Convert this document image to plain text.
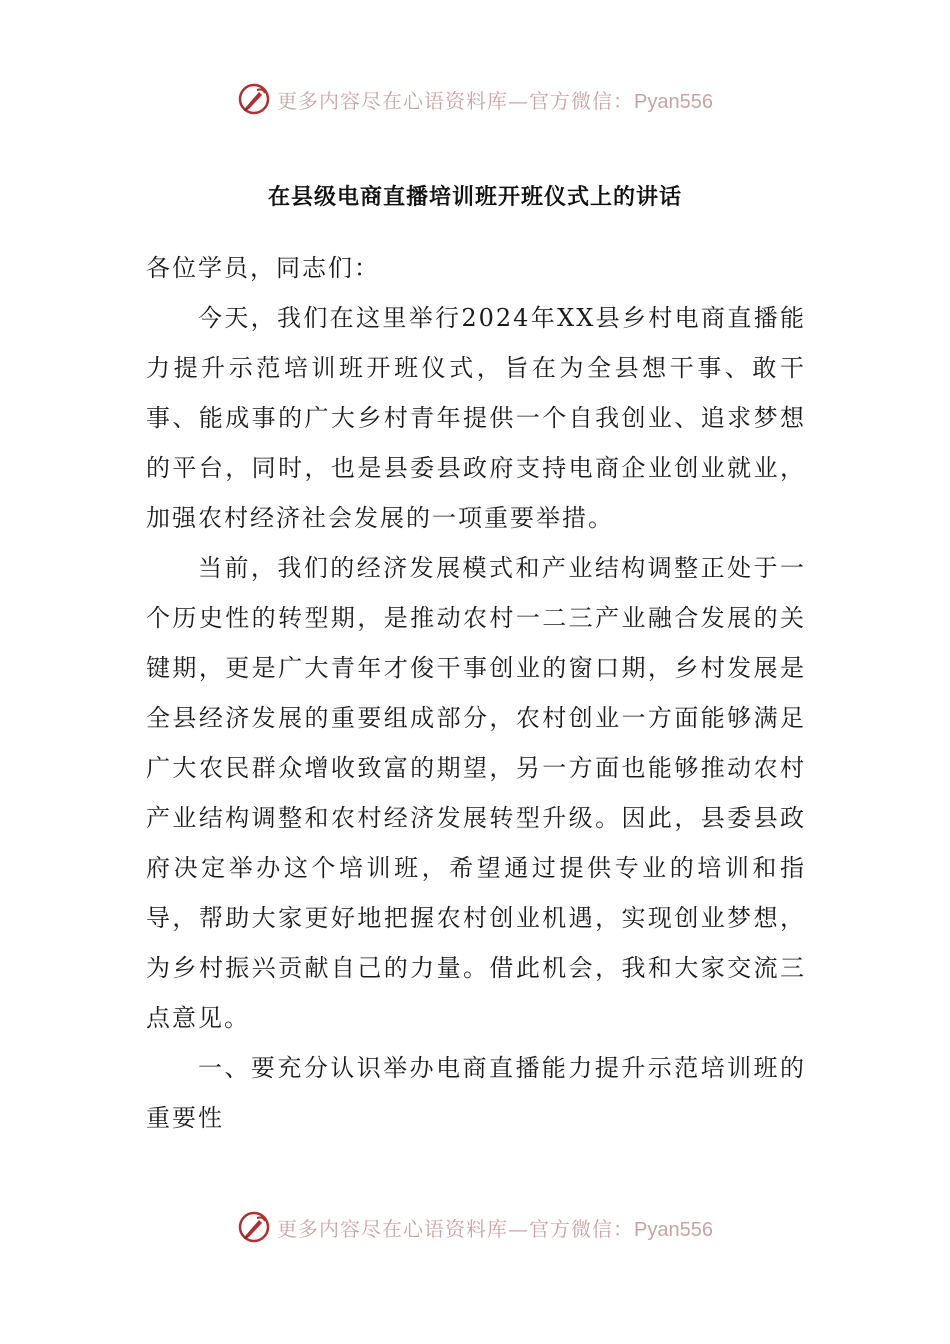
更多内容尽在心语资料库—官方微信：Pyan556
在县级电商直播培训班开班仪式上的讲话

各位学员，同志们：

今天，我们在这里举行2024年XX县乡村电商直播能力提升示范培训班开班仪式，旨在为全县想干事、敢干事、能成事的广大乡村青年提供一个自我创业、追求梦想的平台，同时，也是县委县政府支持电商企业创业就业，加强农村经济社会发展的一项重要举措。

当前，我们的经济发展模式和产业结构调整正处于一个历史性的转型期，是推动农村一二三产业融合发展的关键期，更是广大青年才俊干事创业的窗口期，乡村发展是全县经济发展的重要组成部分，农村创业一方面能够满足广大农民群众增收致富的期望，另一方面也能够推动农村产业结构调整和农村经济发展转型升级。因此，县委县政府决定举办这个培训班，希望通过提供专业的培训和指导，帮助大家更好地把握农村创业机遇，实现创业梦想，为乡村振兴贡献自己的力量。借此机会，我和大家交流三点意见。

一、要充分认识举办电商直播能力提升示范培训班的重要性

更多内容尽在心语资料库—官方微信：Pyan556
